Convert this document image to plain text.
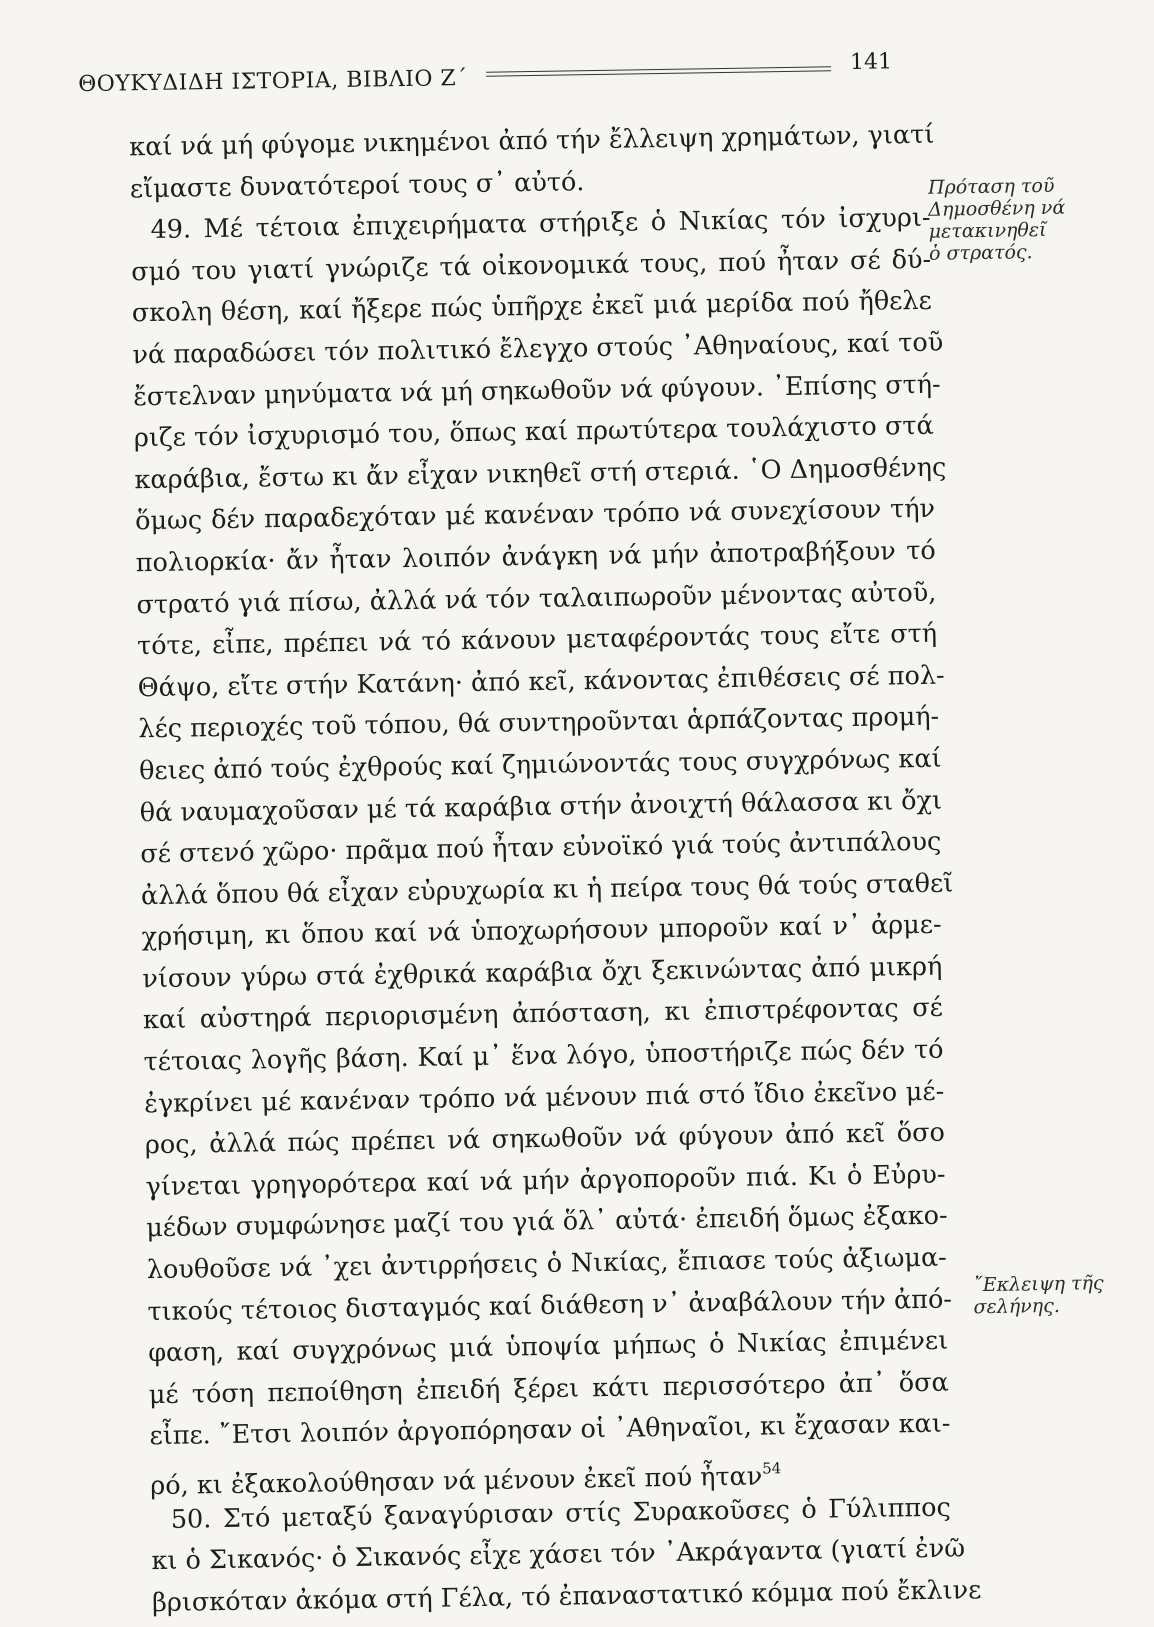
ΘΟΥΚΥΔΙΔΗ ΙΣΤΟΡΙΑ, ΒΙΒΛΙΟ Ζ΄
141
καί νά μή φύγομε νικημένοι ἀπό τήν ἔλλειψη χρημάτων, γιατί
εἴμαστε δυνατότεροί τους σ᾿ αὐτό.
49. Μέ τέτοια ἐπιχειρήματα στήριξε ὁ Νικίας τόν ἰσχυρι-
σμό του γιατί γνώριζε τά οἰκονομικά τους, πού ἦταν σέ δύ-
σκολη θέση, καί ἤξερε πώς ὑπῆρχε ἐκεῖ μιά μερίδα πού ἤθελε
νά παραδώσει τόν πολιτικό ἔλεγχο στούς ᾿Αθηναίους, καί τοῦ
ἔστελναν μηνύματα νά μή σηκωθοῦν νά φύγουν. ᾿Επίσης στή-
ριζε τόν ἰσχυρισμό του, ὅπως καί πρωτύτερα τουλάχιστο στά
καράβια, ἔστω κι ἄν εἶχαν νικηθεῖ στή στεριά. ῾Ο Δημοσθένης
ὅμως δέν παραδεχόταν μέ κανέναν τρόπο νά συνεχίσουν τήν
πολιορκία· ἄν ἦταν λοιπόν ἀνάγκη νά μήν ἀποτραβήξουν τό
στρατό γιά πίσω, ἀλλά νά τόν ταλαιπωροῦν μένοντας αὐτοῦ,
τότε, εἶπε, πρέπει νά τό κάνουν μεταφέροντάς τους εἴτε στή
Θάψο, εἴτε στήν Κατάνη· ἀπό κεῖ, κάνοντας ἐπιθέσεις σέ πολ-
λές περιοχές τοῦ τόπου, θά συντηροῦνται ἁρπάζοντας προμή-
θειες ἀπό τούς ἐχθρούς καί ζημιώνοντάς τους συγχρόνως καί
θά ναυμαχοῦσαν μέ τά καράβια στήν ἀνοιχτή θάλασσα κι ὄχι
σέ στενό χῶρο· πρᾶμα πού ἦταν εὐνοϊκό γιά τούς ἀντιπάλους
ἀλλά ὅπου θά εἶχαν εὐρυχωρία κι ἡ πείρα τους θά τούς σταθεῖ
χρήσιμη, κι ὅπου καί νά ὑποχωρήσουν μποροῦν καί ν᾿ ἀρμε-
νίσουν γύρω στά ἐχθρικά καράβια ὄχι ξεκινώντας ἀπό μικρή
καί αὐστηρά περιορισμένη ἀπόσταση, κι ἐπιστρέφοντας σέ
τέτοιας λογῆς βάση. Καί μ᾿ ἕνα λόγο, ὑποστήριζε πώς δέν τό
ἐγκρίνει μέ κανέναν τρόπο νά μένουν πιά στό ἴδιο ἐκεῖνο μέ-
ρος, ἀλλά πώς πρέπει νά σηκωθοῦν νά φύγουν ἀπό κεῖ ὅσο
γίνεται γρηγορότερα καί νά μήν ἀργοποροῦν πιά. Κι ὁ Εὐρυ-
μέδων συμφώνησε μαζί του γιά ὅλ᾿ αὐτά· ἐπειδή ὅμως ἐξακο-
λουθοῦσε νά ᾿χει ἀντιρρήσεις ὁ Νικίας, ἔπιασε τούς ἀξιωμα-
τικούς τέτοιος δισταγμός καί διάθεση ν᾿ ἀναβάλουν τήν ἀπό-
φαση, καί συγχρόνως μιά ὑποψία μήπως ὁ Νικίας ἐπιμένει
μέ τόση πεποίθηση ἐπειδή ξέρει κάτι περισσότερο ἀπ᾿ ὅσα
εἶπε. ῎Ετσι λοιπόν ἀργοπόρησαν οἱ ᾿Αθηναῖοι, κι ἔχασαν και-
ρό, κι ἐξακολούθησαν νά μένουν ἐκεῖ πού ἦταν$^{54}$
50. Στό μεταξύ ξαναγύρισαν στίς Συρακοῦσες ὁ Γύλιππος
κι ὁ Σικανός· ὁ Σικανός εἶχε χάσει τόν ᾿Ακράγαντα (γιατί ἐνῶ
βρισκόταν ἀκόμα στή Γέλα, τό ἐπαναστατικό κόμμα πού ἔκλινε
Πρόταση τοῦ
Δημοσθένη νά
μετακινηθεῖ
ὁ στρατός.
῎Εκλειψη τῆς
σελήνης.
